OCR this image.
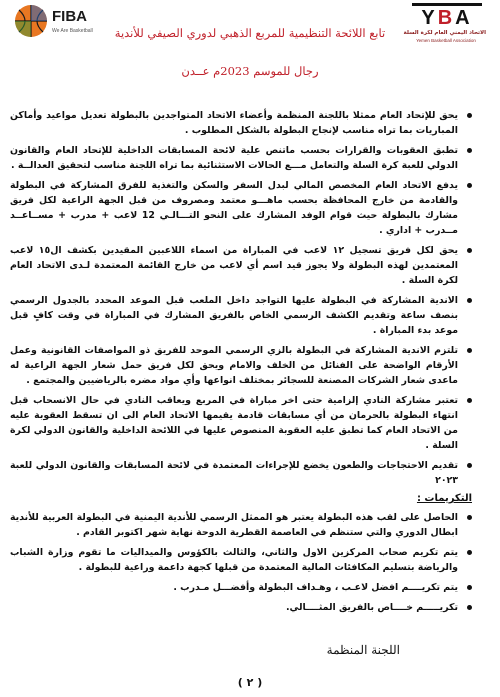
FIBA
We Are Basketball
YBA
الاتحاد اليمني العام لكرة السلة
Yemen Basketball Association
تابع اللائحة التنظيمية للمربع الذهبي لدوري الصيفي للأندية
رجال للموسم 2023م عــدن
يحق للإتحاد العام ممثلا باللجنة المنظمة وأعضاء الاتحاد المتواجدين بالبطولة تعديل مواعيد وأماكن المباريات بما تراه مناسب لإنجاح البطولة بالشكل المطلوب .
تطبق العقوبات والقرارات بحسب ماتنص علية لائحة المسابقات الداخلية للإتحاد العام والقانون الدولي للعبة كرة السلة والتعامل مـــع الحالات الاستثنائية بما تراه اللجنة مناسب لتحقيق العدالــة .
يدفع الاتحاد العام المخصص المالي لبدل السفر والسكن والتغذية للفرق المشاركة في البطولة والقادمة من خارج المحافظة بحسب ماهـــو معتمد ومصروف من قبل الجهة الراعية لكل فريق مشارك بالبطولة حيث قوام الوفد المشارك على النحو التـــالـي 12 لاعب + مدرب + مســاعــد مــدرب + اداري .
يحق لكل فريق تسجيل ١٢ لاعب في المباراة من اسماء اللاعبين المقيدين بكشف ال١٥ لاعب المعتمدين لهذه البطولة ولا يجوز قيد اسم أي لاعب من خارج القائمة المعتمدة لـدى الاتحاد العام لكرة السلة .
الاندية المشاركة في البطولة عليها التواجد داخل الملعب قبل الموعد المحدد بالجدول الرسمي بنصف ساعة وتقديم الكشف الرسمي الخاص بالفريق المشارك في المباراة في وقت كافٍ قبل موعد بدء المباراة .
تلتزم الاندية المشاركة في البطولة بالزي الرسمي الموحد للفريق ذو المواصفات القانونية وعمل الأرقام الواضحة على الفنائل من الخلف والامام ويحق لكل فريق حمل شعار الجهة الراعية له ماعدى شعار الشركات المصنعة للسجائر بمختلف انواعها وأي مواد مضره بالرياضيين والمجتمع .
تعتبر مشاركة النادي إلزامية حتى اخر مباراة في المربع ويعاقب النادي في حال الانسحاب قبل انتهاء البطولة بالحرمان من أي مسابقات قادمة يقيمها الاتحاد العام الى ان تسقط العقوبة عليه من الاتحاد العام كما تطبق عليه العقوبة المنصوص عليها في اللائحة الداخلية والقانون الدولي لكرة السلة .
تقديم الاحتجاجات والطعون يخضع للإجراءات المعتمدة في لائحة المسابقات والقانون الدولي للعبة ٢٠٢٣
التكريمات :
الحاصل على لقب هذه البطولة يعتبر هو الممثل الرسمي للأندية اليمنية في البطولة العربية للأندية ابطال الدوري والتي ستنظم في العاصمة القطرية الدوحة نهاية شهر اكتوبر القادم .
يتم تكريم صحاب المركزين الاول والثاني، والثالث بالكؤوس والميداليات ما تقوم وزارة الشباب والرياضة بتسليم المكافئات المالية المعتمدة من قبلها كجهة داعمة وراعية للبطولة .
يتم تكريــــم افضل لاعـب ، وهـداف البطولة وأفضـــل مـدرب .
تكريـــــم خــــاص بالفريق المثــــالي.
اللجنة المنظمة
( ٢ )
